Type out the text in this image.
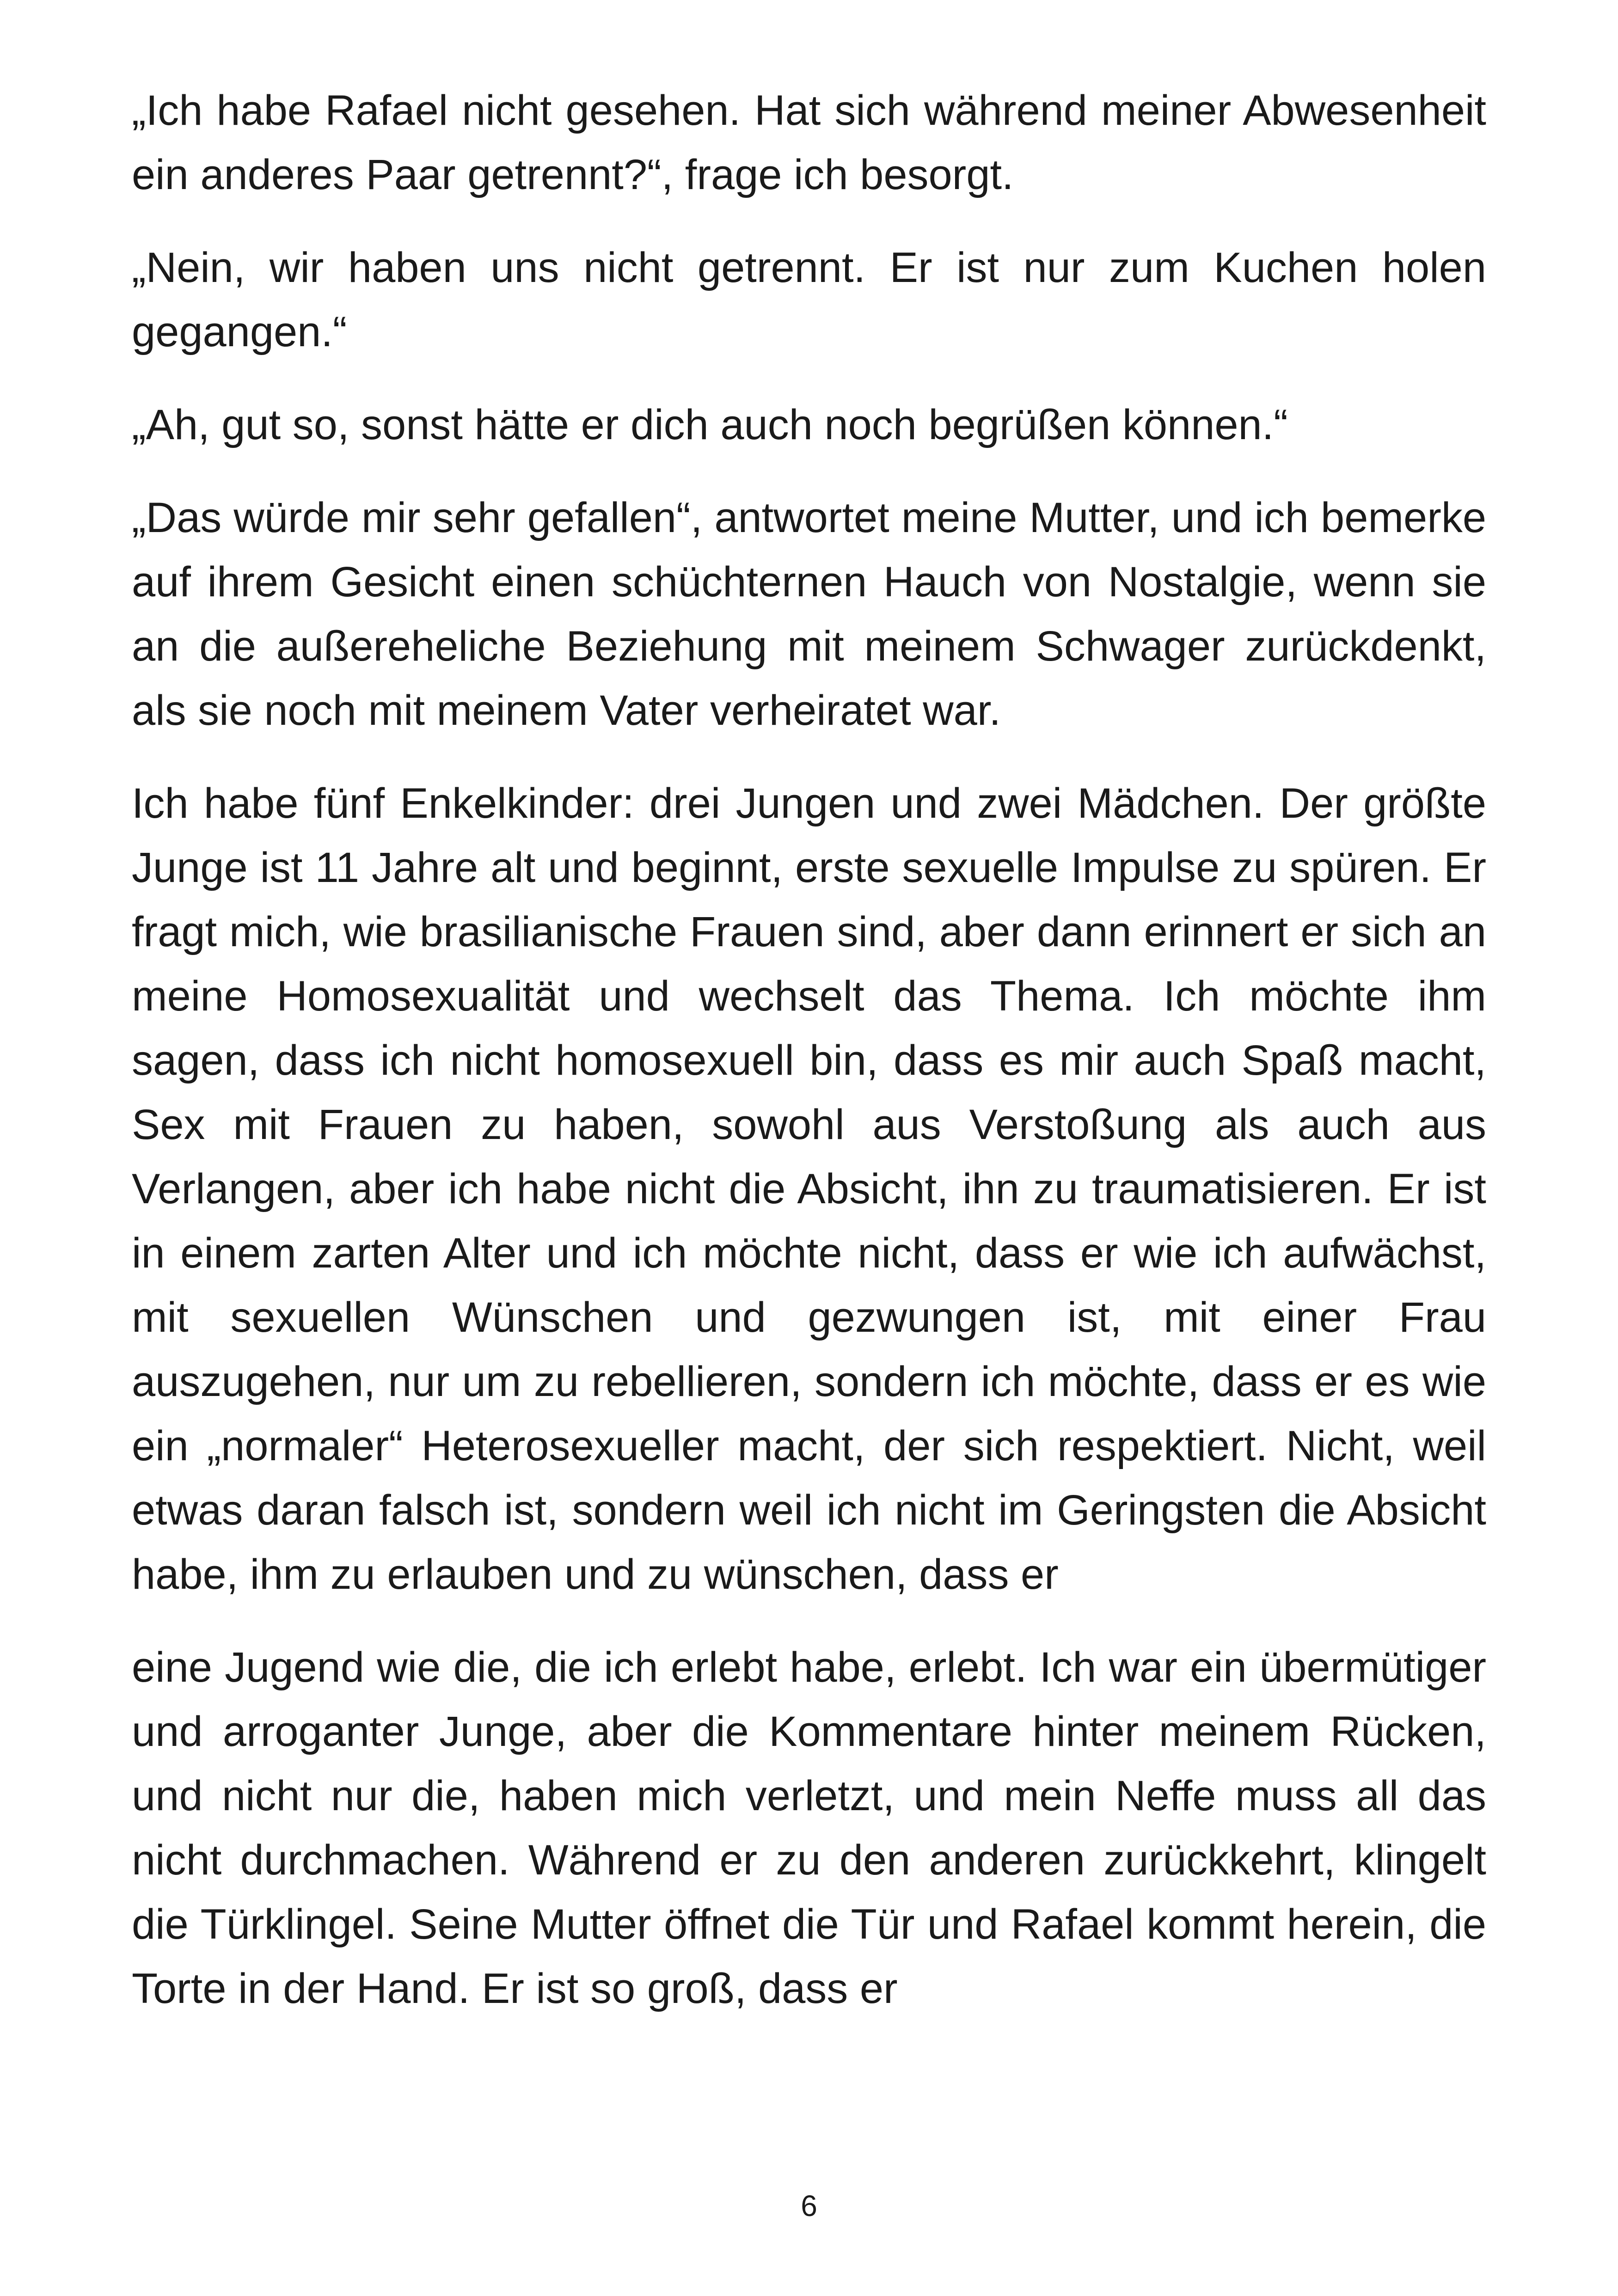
„Ich habe Rafael nicht gesehen. Hat sich während meiner Abwesenheit ein anderes Paar getrennt?“, frage ich besorgt.

„Nein, wir haben uns nicht getrennt. Er ist nur zum Kuchen holen gegangen.“

„Ah, gut so, sonst hätte er dich auch noch begrüßen können.“

„Das würde mir sehr gefallen“, antwortet meine Mutter, und ich bemerke auf ihrem Gesicht einen schüchternen Hauch von Nostalgie, wenn sie an die außereheliche Beziehung mit meinem Schwager zurückdenkt, als sie noch mit meinem Vater verheiratet war.

Ich habe fünf Enkelkinder: drei Jungen und zwei Mädchen. Der größte Junge ist 11 Jahre alt und beginnt, erste sexuelle Impulse zu spüren. Er fragt mich, wie brasilianische Frauen sind, aber dann erinnert er sich an meine Homosexualität und wechselt das Thema. Ich möchte ihm sagen, dass ich nicht homosexuell bin, dass es mir auch Spaß macht, Sex mit Frauen zu haben, sowohl aus Verstoßung als auch aus Verlangen, aber ich habe nicht die Absicht, ihn zu traumatisieren. Er ist in einem zarten Alter und ich möchte nicht, dass er wie ich aufwächst, mit sexuellen Wünschen und gezwungen ist, mit einer Frau auszugehen, nur um zu rebellieren, sondern ich möchte, dass er es wie ein „normaler“ Heterosexueller macht, der sich respektiert. Nicht, weil etwas daran falsch ist, sondern weil ich nicht im Geringsten die Absicht habe, ihm zu erlauben und zu wünschen, dass er

eine Jugend wie die, die ich erlebt habe, erlebt. Ich war ein übermütiger und arroganter Junge, aber die Kommentare hinter meinem Rücken, und nicht nur die, haben mich verletzt, und mein Neffe muss all das nicht durchmachen. Während er zu den anderen zurückkehrt, klingelt die Türklingel. Seine Mutter öffnet die Tür und Rafael kommt herein, die Torte in der Hand. Er ist so groß, dass er

6
